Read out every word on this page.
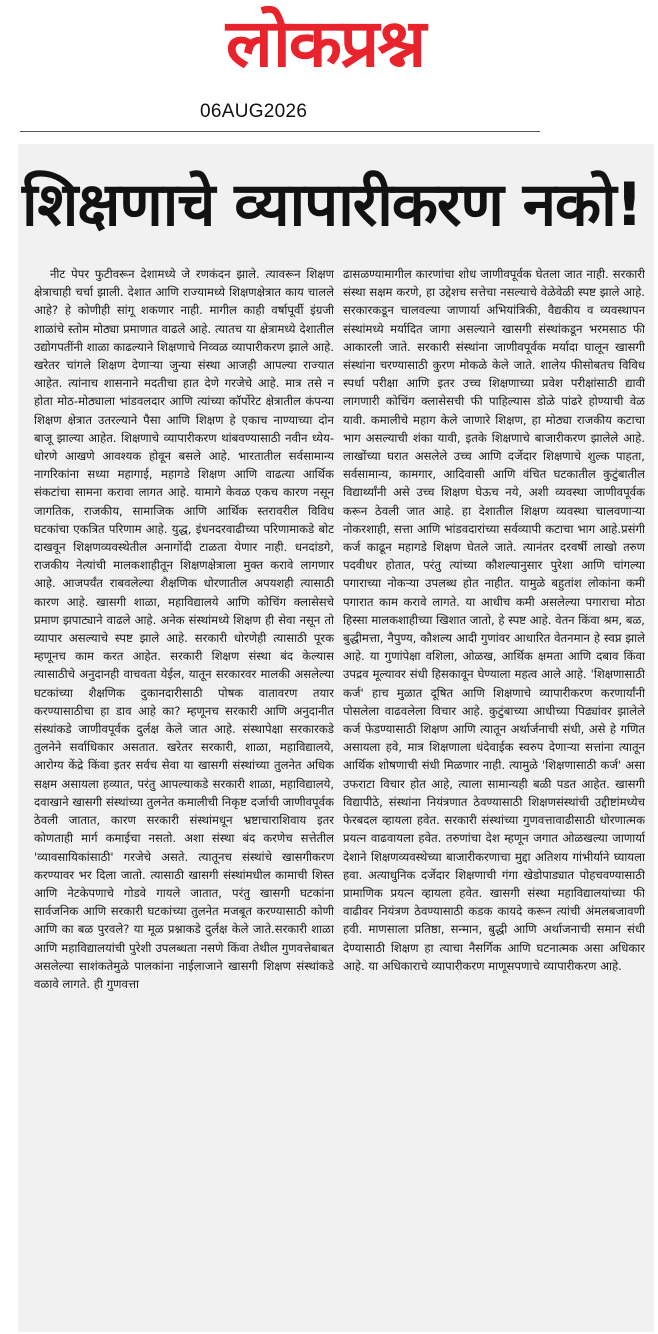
लोकप्रश्न
06AUG2026
शिक्षणाचे व्यापारीकरण नको!

नीट पेपर फुटीवरून देशामध्ये जे रणकंदन झाले. त्यावरून शिक्षण क्षेत्राचाही चर्चा झाली. देशात आणि राज्यामध्ये शिक्षणक्षेत्रात काय चालले आहे? हे कोणीही सांगू शकणार नाही. मागील काही वर्षापूर्वी इंग्रजी शाळांचे स्तोम मोठ्या प्रमाणात वाढले आहे. त्यातच या क्षेत्रामध्ये देशातील उद्योगपतींनी शाळा काढल्याने शिक्षणाचे निव्वळ व्यापारीकरण झाले आहे. खरेतर चांगले शिक्षण देणाऱ्या जुन्या संस्था आजही आपल्या राज्यात आहेत. त्यांनाच शासनाने मदतीचा हात देणे गरजेचे आहे. मात्र तसे न होता मोठ-मोठ्याला भांडवलदार आणि त्यांच्या कॉर्पोरेट क्षेत्रातील कंपन्या शिक्षण क्षेत्रात उतरल्याने पैसा आणि शिक्षण हे एकाच नाण्याच्या दोन बाजू झाल्या आहेत. शिक्षणाचे व्यापारीकरण थांबवण्यासाठी नवीन ध्येय-धोरणे आखणे आवश्यक होवून बसले आहे. भारतातील सर्वसामान्य नागरिकांना सध्या महागाई, महागडे शिक्षण आणि वाढत्या आर्थिक संकटांचा सामना करावा लागत आहे. यामागे केवळ एकच कारण नसून जागतिक, राजकीय, सामाजिक आणि आर्थिक स्तरावरील विविध घटकांचा एकत्रित परिणाम आहे. युद्ध, इंधनदरवाढीच्या परिणामाकडे बोट दाखवून शिक्षणव्यवस्थेतील अनागोंदी टाळता येणार नाही. धनदांडगे, राजकीय नेत्यांची मालकशाहीतून शिक्षणक्षेत्राला मुक्त करावे लागणार आहे. आजपर्यंत राबवलेल्या शैक्षणिक धोरणातील अपयशही त्यासाठी कारण आहे. खासगी शाळा, महाविद्यालये आणि कोचिंग क्लासेसचे प्रमाण झपाट्याने वाढले आहे. अनेक संस्थांमध्ये शिक्षण ही सेवा नसून तो व्यापार असल्याचे स्पष्ट झाले आहे. सरकारी धोरणेही त्यासाठी पूरक म्हणूनच काम करत आहेत. सरकारी शिक्षण संस्था बंद केल्यास त्यासाठीचे अनुदानही वाचवता येईल, यातून सरकारवर मालकी असलेल्या घटकांच्या शैक्षणिक दुकानदारीसाठी पोषक वातावरण तयार करण्यासाठीचा हा डाव आहे का? म्हणूनच सरकारी आणि अनुदानीत संस्थांकडे जाणीवपूर्वक दुर्लक्ष केले जात आहे. संस्थापेक्षा सरकारकडे तुलनेने सर्वाधिकार असतात. खरेतर सरकारी, शाळा, महाविद्यालये, आरोग्य केंद्रे किंवा इतर सर्वच सेवा या खासगी संस्थांच्या तुलनेत अधिक सक्षम असायला हव्यात, परंतु आपल्याकडे सरकारी शाळा, महाविद्यालये, दवाखाने खासगी संस्थांच्या तुलनेत कमालीची निकृष्ट दर्जाची जाणीवपूर्वक ठेवली जातात, कारण सरकारी संस्थांमधून भ्रष्टाचाराशिवाय इतर कोणताही मार्ग कमाईचा नसतो. अशा संस्था बंद करणेच सत्तेतील 'व्यावसायिकांसाठी' गरजेचे असते. त्यातूनच संस्थांचे खासगीकरण करण्यावर भर दिला जातो. त्यासाठी खासगी संस्थांमधील कामाची शिस्त आणि नेटकेपणाचे गोडवे गायले जातात, परंतु खासगी घटकांना सार्वजनिक आणि सरकारी घटकांच्या तुलनेत मजबूत करण्यासाठी कोणी आणि का बळ पुरवले? या मूळ प्रश्नाकडे दुर्लक्ष केले जाते.सरकारी शाळा आणि महाविद्यालयांची पुरेशी उपलब्धता नसणे किंवा तेथील गुणवत्तेबाबत असलेल्या साशंकतेमुळे पालकांना नाईलाजाने खासगी शिक्षण संस्थांकडे वळावे लागते. ही गुणवत्ता

ढासळण्यामागील कारणांचा शोध जाणीवपूर्वक घेतला जात नाही. सरकारी संस्था सक्षम करणे, हा उद्देशच सत्तेचा नसल्याचे वेळेवेळी स्पष्ट झाले आहे. सरकारकडून चालवल्या जाणार्या अभियांत्रिकी, वैद्यकीय व व्यवस्थापन संस्थांमध्ये मर्यादित जागा असल्याने खासगी संस्थांकडून भरमसाठ फी आकारली जाते. सरकारी संस्थांना जाणीवपूर्वक मर्यादा घालून खासगी संस्थांना चरण्यासाठी कुरण मोकळे केले जाते. शालेय फीसोबतच विविध स्पर्धा परीक्षा आणि इतर उच्च शिक्षणाच्या प्रवेश परीक्षांसाठी द्यावी लागणारी कोचिंग क्लासेसची फी पाहिल्यास डोळे पांढरे होण्याची वेळ यावी. कमालीचे महाग केले जाणारे शिक्षण, हा मोठ्या राजकीय कटाचा भाग असल्याची शंका यावी, इतके शिक्षणाचे बाजारीकरण झालेले आहे. लाखोंच्या घरात असलेले उच्च आणि दर्जेदार शिक्षणाचे शुल्क पाहता, सर्वसामान्य, कामगार, आदिवासी आणि वंचित घटकातील कुटुंबातील विद्यार्थ्यांनी असे उच्च शिक्षण घेऊच नये, अशी व्यवस्था जाणीवपूर्वक करून ठेवली जात आहे. हा देशातील शिक्षण व्यवस्था चालवणाऱ्या नोकरशाही, सत्ता आणि भांडवदारांच्या सर्वव्यापी कटाचा भाग आहे.प्रसंगी कर्ज काढून महागडे शिक्षण घेतले जाते. त्यानंतर दरवर्षी लाखो तरुण पदवीधर होतात, परंतु त्यांच्या कौशल्यानुसार पुरेशा आणि चांगल्या पगाराच्या नोकऱ्या उपलब्ध होत नाहीत. यामुळे बहुतांश लोकांना कमी पगारात काम करावे लागते. या आधीच कमी असलेल्या पगाराचा मोठा हिस्सा मालकशाहीच्या खिशात जातो, हे स्पष्ट आहे. वेतन किंवा श्रम, बळ, बुद्धीमत्ता, नैपुण्य, कौशल्य आदी गुणांवर आधारित वेतनमान हे स्वप्न झाले आहे. या गुणांपेक्षा वशिला, ओळख, आर्थिक क्षमता आणि दबाव किंवा उपद्रव मूल्यावर संधी हिसकावून घेण्याला महत्व आले आहे. 'शिक्षणासाठी कर्ज' हाच मुळात दूषित आणि शिक्षणाचे व्यापारीकरण करणार्यांनी पोसलेला वाढवलेला विचार आहे. कुटुंबाच्या आधीच्या पिढ्यांवर झालेले कर्ज फेडण्यासाठी शिक्षण आणि त्यातून अर्थार्जनाची संधी, असे हे गणित असायला हवे, मात्र शिक्षणाला धंदेवाईक स्वरुप देणाऱ्या सत्तांना त्यातून आर्थिक शोषणाची संधी मिळणार नाही. त्यामुळे 'शिक्षणासाठी कर्ज' असा उफराटा विचार होत आहे, त्याला सामान्यही बळी पडत आहेत. खासगी विद्यापीठे, संस्थांना नियंत्रणात ठेवण्यासाठी शिक्षणसंस्थांची उद्दीष्टांमध्येच फेरबदल व्हायला हवेत. सरकारी संस्थांच्या गुणवत्तावाढीसाठी धोरणात्मक प्रयत्न वाढवायला हवेत. तरुणांचा देश म्हणून जगात ओळखल्या जाणार्या देशाने शिक्षणव्यवस्थेच्या बाजारीकरणाचा मुद्दा अतिशय गांभीर्याने घ्यायला हवा. अत्याधुनिक दर्जेदार शिक्षणाची गंगा खेडोपाड्यात पोहचवण्यासाठी प्रामाणिक प्रयत्न व्हायला हवेत. खासगी संस्था महाविद्यालयांच्या फी वाढीवर नियंत्रण ठेवण्यासाठी कडक कायदे करून त्यांची अंमलबजावणी हवी. माणसाला प्रतिष्ठा, सन्मान, बुद्धी आणि अर्थाजनाची समान संधी देण्यासाठी शिक्षण हा त्याचा नैसर्गिक आणि घटनात्मक असा अधिकार आहे. या अधिकाराचे व्यापारीकरण माणूसपणाचे व्यापारीकरण आहे.
